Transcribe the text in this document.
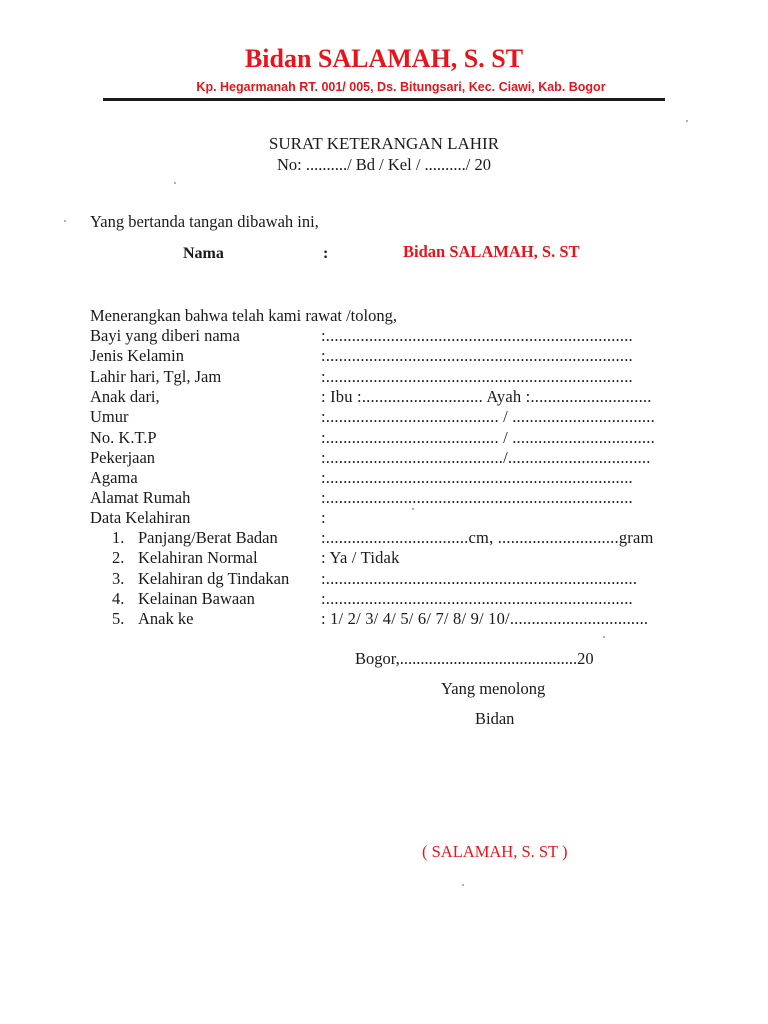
Bidan SALAMAH, S. ST
Kp. Hegarmanah RT. 001/ 005, Ds. Bitungsari, Kec. Ciawi, Kab. Bogor
SURAT KETERANGAN LAHIR
No: ........../ Bd / Kel / ........../ 20
Yang bertanda tangan dibawah ini,
Nama	:	Bidan SALAMAH, S. ST
Menerangkan bahwa telah kami rawat /tolong,
Bayi yang diberi nama	:.......................................................................
Jenis Kelamin	:.......................................................................
Lahir hari, Tgl, Jam	:.......................................................................
Anak dari,	: Ibu :............................ Ayah :............................
Umur	:........................................ / .................................
No. K.T.P	:........................................ / .................................
Pekerjaan	:........................................./.................................
Agama	:.......................................................................
Alamat Rumah	:.......................................................................
Data Kelahiran	:
1. Panjang/Berat Badan	:.................................cm, ............................gram
2. Kelahiran Normal	: Ya / Tidak
3. Kelahiran dg Tindakan :........................................................................
4. Kelainan Bawaan	:.......................................................................
5. Anak ke	: 1/ 2/ 3/ 4/ 5/ 6/ 7/ 8/ 9/ 10/................................
Bogor,...........................................20
Yang menolong
Bidan
( SALAMAH, S. ST )
